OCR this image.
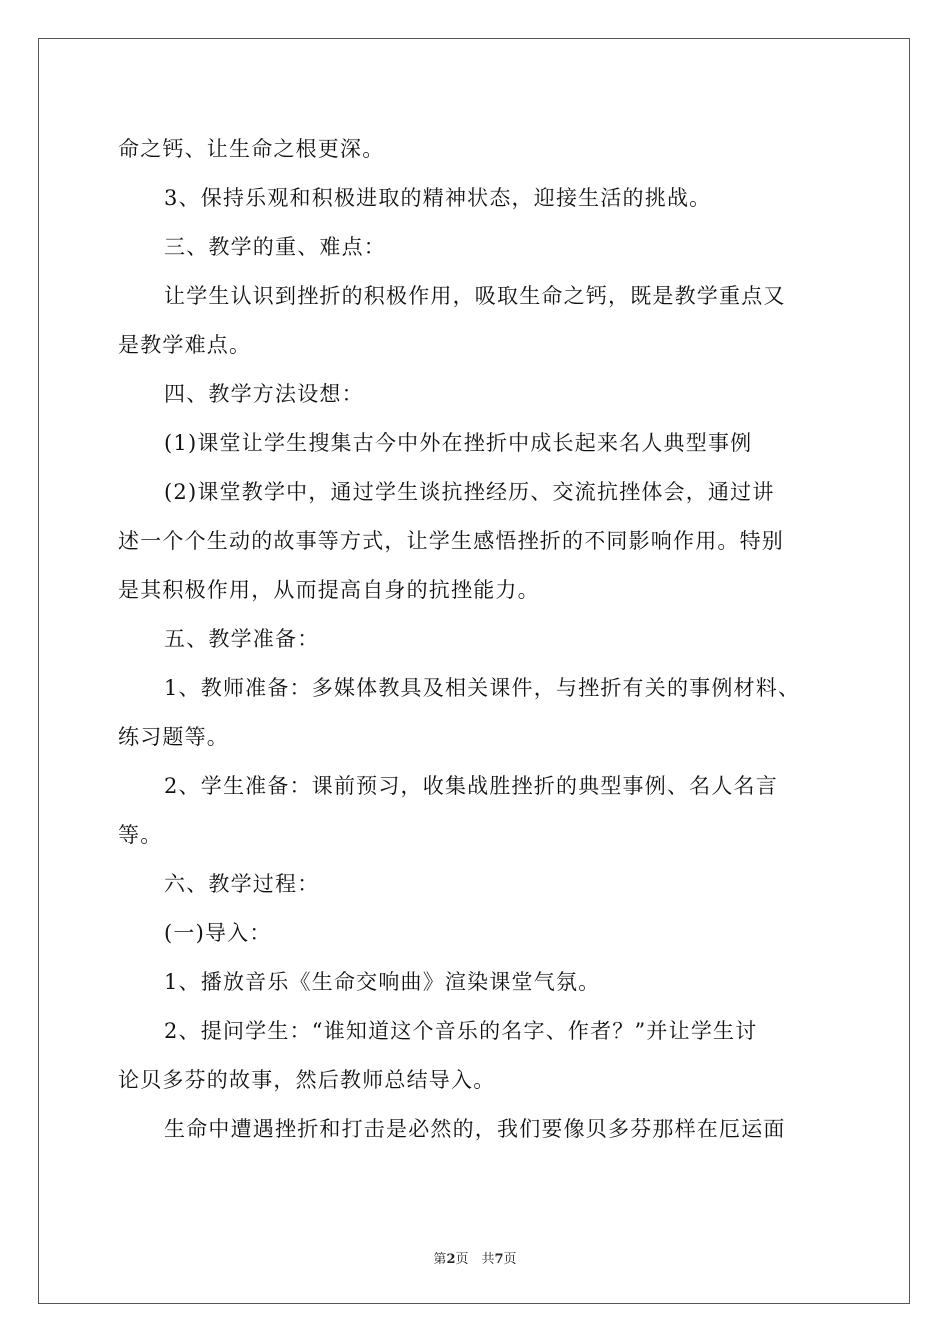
命之钙、让生命之根更深。
3、保持乐观和积极进取的精神状态，迎接生活的挑战。
三、教学的重、难点：
让学生认识到挫折的积极作用，吸取生命之钙，既是教学重点又
是教学难点。
四、教学方法设想：
(1)课堂让学生搜集古今中外在挫折中成长起来名人典型事例
(2)课堂教学中，通过学生谈抗挫经历、交流抗挫体会，通过讲
述一个个生动的故事等方式，让学生感悟挫折的不同影响作用。特别
是其积极作用，从而提高自身的抗挫能力。
五、教学准备：
1、教师准备：多媒体教具及相关课件，与挫折有关的事例材料、
练习题等。
2、学生准备：课前预习，收集战胜挫折的典型事例、名人名言
等。
六、教学过程：
(一)导入：
1、播放音乐《生命交响曲》渲染课堂气氛。
2、提问学生：“谁知道这个音乐的名字、作者？”并让学生讨
论贝多芬的故事，然后教师总结导入。
生命中遭遇挫折和打击是必然的，我们要像贝多芬那样在厄运面
第2页　共7页
